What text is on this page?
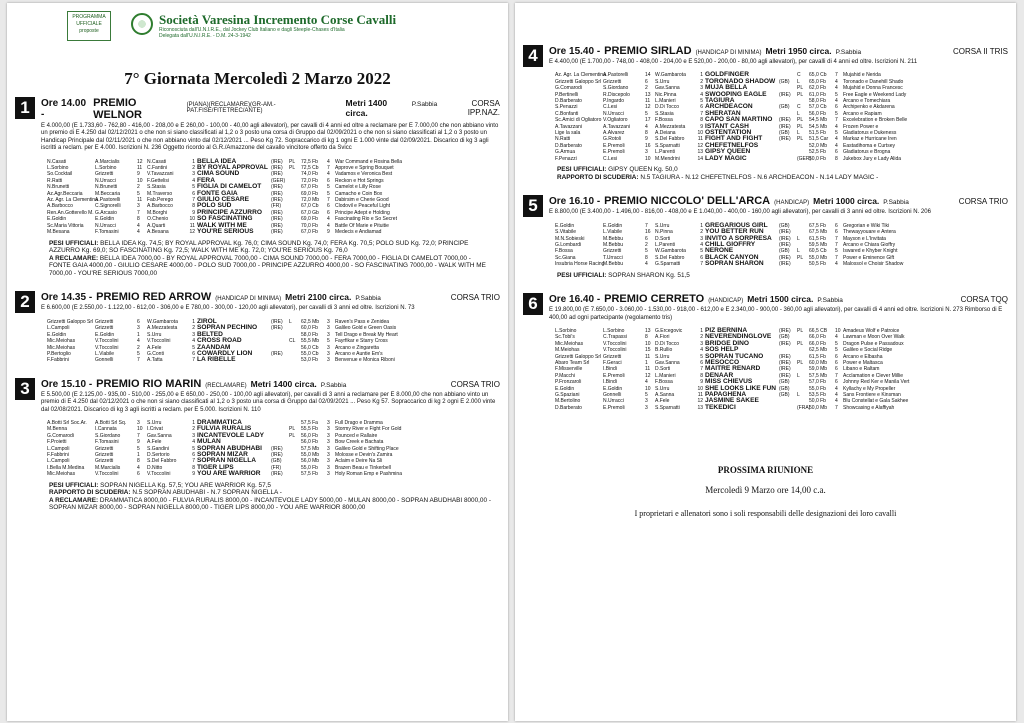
PROGRAMMA UFFICIALE proposte
Società Varesina Incremento Corse Cavalli
Riconosciuta dall'U.N.I.R.E., dal Jockey Club Italiano e dagli Steeple-Chases d'Italia
Delegata dall'U.N.I.R.E. - D.M. 24-3-1942
7° Giornata Mercoledì 2 Marzo 2022
1	Ore 14.00 -
PREMIO WELNOR
(PIANA)(RECLAMARE)(GR-AM.-PAT.FISE/FITETREC/ANTE)
Metri 1400 circa.
P.Sabbia	CORSA IPP.NAZ.
E 4.000,00 (E 1.733,60 - 762,80 - 416,00 - 208,00 e E 260,00 - 100,00 - 40,00 agli allevatori), per cavalli di 4 anni ed oltre a reclamare per E 7.000,00 che non abbiano vinto un premio di E 4.250 dal 02/12/2021 o che non si siano classificati al 1,2 o 3 posto una corsa di Gruppo dal 02/09/2021 o che non si siano classificati al 1,2 o 3 posto un Handicap Principale dal 02/11/2021 o che non abbiano vinto dal 02/12/2021 ... Peso Kg 72. Sopraccarico di kg 1 ogni E 1.000 vinte dal 02/09/2021. Discarico di kg 3 agli iscritti a reclam. per E 4.000. Iscrizioni N. 236 Oggetto ricordo al G.R./Amazzone del cavallo vincitore offerto da Svicc
N.Casati	A.Marcialis	12	N.Casati	1	BELLA IDEA	(IRE)	PL	72,5 Fb	4	War Command e Rosina Bella
L.Sorbino	L.Sorbino	11	C.Fantini	2	BY ROYAL APPROVAL	(IRE)	PL	72,5 Cb	7	Approve e Spring Bouquet
So.Cocktail	Grizzetti	9	V.Tavazzani	3	CIMA SOUND	(IRE)		74,0 Fb	4	Vadamos e Veronica Best
R.Ratti	N.Urracci	10	F.Gettelisi	4	FERA	(GER)		72,0 Fb	6	Reckon e Hot Springs
N.Brunetti	N.Brunetti	2	S.Stasia	5	FIGLIA DI CAMELOT	(IRE)		67,0 Fb	5	Camelot e Lilly Rose
Az.Agr.Beccaria	M.Beccaria	5	M.Traverso	6	FONTE GAIA	(IRE)		69,0 Fb	5	Camacho e Coin Box
Az. Agr. La Clementina	A.Pastorelli	11	Fab.Perego	7	GIULIO CESARE	(IRE)		72,0 Mb	7	Dabirsim e Cherie Good
A.Barbocco	C.Signorelli	3	A.Barbocco	8	POLO SUD	(FR)		67,0 Cb	6	Clodovil e Peaceful Light
Ren.An.Gotterello M.	G.Arcasio	7	M.Borghi	9	PRINCIPE AZZURRO	(IRE)		67,0 Gb	6	Principe Adept e Holding
E.Goldin	E.Goldin	8	O.Chenio	10	SO FASCINATING	(IRE)		69,0 Fb	4	Fascinating Rio e So Secret
Sc.Maria Vittoria	N.Urracci	4	A.Quarti	11	WALK WITH ME	(IRE)		70,0 Fb	4	Battle Of Marie e Pituitie
M.Besana	F.Tomasini	4	A.Besana	12	YOU'RE SERIOUS	(IRE)		67,0 Fb	9	Medecis e Andiamad
PESI UFFICIALI: BELLA IDEA Kg. 74,5; BY ROYAL APPROVAL Kg. 76,0; CIMA SOUND Kg. 74,0; FERA Kg. 70,5; POLO SUD Kg. 72,0; PRINCIPE AZZURRO Kg. 69,0; SO FASCINATING Kg. 72,5; WALK WITH ME Kg. 72,0; YOU'RE SERIOUS Kg. 76,0
A RECLAMARE: BELLA IDEA 7000,00 - BY ROYAL APPROVAL 7000,00 - CIMA SOUND 7000,00 - FERA 7000,00 - FIGLIA DI CAMELOT 7000,00 - FONTE GAIA 4000,00 - GIULIO CESARE 4000,00 - POLO SUD 7000,00 - PRINCIPE AZZURRO 4000,00 - SO FASCINATING 7000,00 - WALK WITH ME 7000,00 - YOU'RE SERIOUS 7000,00
2	Ore 14.35 - PREMIO RED ARROW (HANDICAP DI MINIMA) Metri 2100 circa. P.Sabbia	CORSA TRIO
E 6.600,00 (E 2.550,00 - 1.122,00 - 612,00 - 306,00 e E 780,00 - 300,00 - 120,00 agli allevatori), per cavalli di 3 anni ed oltre. Iscrizioni N. 73
Grizzetti Galoppo Srl	Grizzetti	6	W.Gambarota	1	ZIROL	(IRE)	L	62,5 Mb	3	Raven's Pass e Zenidea
L.Campoli	Grizzetti	3	A.Mezzatesta	2	SOPRAN PECHINO	(IRE)		60,0 Fb	3	Galileo Gold e Green Oasis
E.Goldin	E.Goldin	1	S.Urru	3	BELTED			58,0 Fb	3	Tell Drago e Break My Heart
Mic.Meiohas	V.Toccolini	4	V.Toccolini	4	CROSS ROAD		CL	55,5 Mb	5	Fayrfikar e Starry Cross
Mic.Meiohas	V.Toccolini	2	A.Fele	5	ZAANDAM			56,0 Cb	3	Arcano e Zingaretta
P.Bertoglio	L.Viabile	5	G.Conti	6	COWARDLY LION	(IRE)		55,0 Cb	3	Arcano e Auntie Em's
F.Fabbrini	Gonnelli	7	A.Tatta	7	LA RIBELLE			53,0 Fb	3	Benvenue e Monica Riboni
3	Ore 15.10 - PREMIO RIO MARIN (RECLAMARE) Metri 1400 circa. P.Sabbia	CORSA TRIO
E 5.500,00 (E 2.125,00 - 935,00 - 510,00 - 255,00 e E 650,00 - 250,00 - 100,00 agli allevatori), per cavalli di 3 anni a reclamare per E 8.000,00 che non abbiano vinto un premio di E 4.250 dal 02/12/2021 o che non si siano classificati al 1,2 o 3 posto una corsa di Gruppo dal 02/09/2021 ... Peso Kg 57. Sopraccarico di kg 2 ogni E 2.000 vinte dal 02/08/2021. Discarico di kg 3 agli iscritti a reclam. per E 5.000. Iscrizioni N. 110
A.Botti Srl Soc.Ar.	A.Botti Srl Sq.	3	S.Urru	1	DRAMMATICA			57,5 Fa	3	Full Drago e Dramma
M.Benna	I.Cannata	10	I.Crivat	2	FULVIA RURALIS		PL	55,5 Fb	3	Stormy River e Fight For Gold
G.Comarodi	S.Giordano	7	Gav.Sanna	3	INCANTEVOLE LADY		PL	56,0 Fb	3	Pounced e Rallaire
F.Proietti	F.Tomasini	9	A.Fele	4	MULAN			56,0 Fb	3	Bow Creek e Bachata
L.Campoli	Grizzetti	5	S.Gandini	5	SOPRAN ABUDHABI	(IRE)		57,5 Mb	3	Galileo Gold e Shifting Place
F.Fabbrini	Grizzetti	1	D.Sertorio	6	SOPRAN MIZAR	(IRE)		55,0 Mb	3	Molosse e Devin's Zamira
L.Campoli	Grizzetti	8	S.Del Fabbro	7	SOPRAN NIGELLA	(GB)		56,0 Mb	3	Aclaim e Deire Na Sli
I.Bella M.Medina	M.Marcialis	4	D.Nitto	8	TIGER LIPS	(FR)		55,0 Fb	3	Brazen Beau e Tinkerbell
Mic.Meiohas	V.Toccolini	6	V.Toccolini	9	YOU ARE WARRIOR	(IRE)		57,5 Fb	3	Holy Roman Emp e Pashmina
PESI UFFICIALI: SOPRAN NIGELLA Kg. 57,5; YOU ARE WARRIOR Kg. 57,5
RAPPORTO DI SCUDERIA: N.5 SOPRAN ABUDHABI - N.7 SOPRAN NIGELLA -
A RECLAMARE: DRAMMATICA 8000,00 - FULVIA RURALIS 8000,00 - INCANTEVOLE LADY 5000,00 - MULAN 8000,00 - SOPRAN ABUDHABI 8000,00 - SOPRAN MIZAR 8000,00 - SOPRAN NIGELLA 8000,00 - TIGER LIPS 8000,00 - YOU ARE WARRIOR 8000,00
4	Ore 15.40 - PREMIO SIRLAD (HANDICAP DI MINIMA) Metri 1950 circa. P.Sabbia	CORSA II TRIS
E 4.400,00 (E 1.700,00 - 748,00 - 408,00 - 204,00 e E 520,00 - 200,00 - 80,00 agli allevatori), per cavalli di 4 anni ed oltre. Iscrizioni N. 211
Az. Agr. La Clementina	A.Pastorelli	14	W.Gambarota	1	GOLDFINGER		C	65,0 Cb	7	Mujahid e Nerida
Grizzetti Galoppo Srl	Grizzetti	6	S.Urru	2	TORONADO SHADOW	(GB)	L	65,0 Fb	4	Toronado e Danehill Shado
G.Comarodi	S.Giordano	2	Gav.Sanna	3	MUJA BELLA		PL	62,0 Fb	4	Mujahid e Donna Francesc
P.Bertinelli	R.Discepolo	13	Nic.Pinna	4	SWOOPING EAGLE	(IRE)	PL	61,0 Fb	5	Free Eagle e Weekend Lady
D.Barberato	P.Ingardo	11	L.Manieri	5	TAGIURA			58,0 Fb	4	Arcano e Tomechiara
S.Penazzi	C.Lesi	12	D.Di Tocco	6	ARCHDEACON	(GB)	C	57,0 Cb	6	Archipenko e Akdarena
C.Bonfanti	N.Urracci	5	S.Stasia	7	SHERATAN		L	56,0 Fb	5	Arcano e Rapiam
Sc.Amici di Ogliatoro	V.Ogliatoro	17	F.Bossa	8	CAPO SAN MARTINO	(IRE)	PL	54,5 Mb	7	Excelebration e Broken Belle
A.Tavazzani	A.Tavazzani	4	A.Mezzatesta	9	ISTANT CASH	(IRE)	PL	54,5 Mb	4	Frozen Power e
Lige la sala	A.Alvarez	8	A.Deiana	10	OSTENTATION	(GB)	L	51,5 Fb	5	Gladiatorus e Dukeness
N.Ratti	G.Rotoli	9	S.Del Fabbro	11	FIGHT AND FIGHT	(IRE)	PL	51,5 Car	4	Markaz e Hurricane Iren
D.Barberato	E.Premoli	16	S.Sparnatti	12	CHEFETNELFOS			52,0 Mb	4	Eastadihoma e Curtsey
G.Armua	E.Premoli	3	L.Parenti	13	GIPSY QUEEN			52,5 Fb	6	Gladiatorus e Brogna
F.Penazzi	C.Lesi	10	M.Mendrini	14	LADY MAGIC		(GER)	50,0 Fb	8	Jukebox Jury e Lady Alida
PESI UFFICIALI: GIPSY QUEEN Kg. 50,0
RAPPORTO DI SCUDERIA: N.5 TAGIURA - N.12 CHEFETNELFOS - N.6 ARCHDEACON - N.14 LADY MAGIC -
5	Ore 16.10 - PREMIO NICCOLO' DELL'ARCA (HANDICAP) Metri 1000 circa. P.Sabbia	CORSA TRIO
E 8.800,00 (E 3.400,00 - 1.496,00 - 816,00 - 408,00 e E 1.040,00 - 400,00 - 160,00 agli allevatori), per cavalli di 3 anni ed oltre. Iscrizioni N. 206
E.Goldin	E.Goldin	7	S.Urru	1	GREGARIOUS GIRL	(GB)		67,5 Fb	6	Gregorian e Wiki Tiki
S.Vitabile	L.Viabile	16	N.Pinna	2	YOU BETTER RUN	(IRE)		67,5 Mb	6	Thewayyouare e Antera
M.N.Sobieski	M.Bebbu	6	D.Sorti	3	INVITO A SORPRESA	(IRE)	L	61,5 Fb	7	Mayson e L'Invitata
G.Lombardi	M.Bebbu	2	L.Parenti	4	CHILL GIOFFRY	(IRE)		59,5 Mb	7	Arcano e Chiara Gioffry
F.Bossa	Grizzetti	5	W.Gambarota	5	NERONE	(GB)	L	60,5 Cb	5	Iswared e Khyber Knight
Sc.Giana	T.Urracci	8	S.Del Fabbro	6	BLACK CANYON	(IRE)	PL	55,0 Mb	7	Power e Eminence Gift
Insubria Horse Racing	M.Bebbu	4	G.Sparnatti	7	SOPRAN SHARON	(IRE)		50,5 Fb	4	Malossol e Choisir Shadow
PESI UFFICIALI: SOPRAN SHARON Kg. 51,5
6	Ore 16.40 - PREMIO CERRETO (HANDICAP) Metri 1500 circa. P.Sabbia	CORSA TQQ
E 19.800,00 (E 7.650,00 - 3.060,00 - 1.530,00 - 918,00 - 612,00 e E 2.340,00 - 900,00 - 360,00 agli allevatori), per cavalli di 4 anni ed oltre. Iscrizioni N. 273 Rimborso di E 400,00 ad ogni partecipante (regolamento tris)
L.Sorbino	L.Sorbino	13	G.Ercegovic	1	PIZ BERNINA	(IRE)	PL	66,5 CB	10	Amadeus Wolf e Patroice
Sc.Tobi's	C.Trapassi	8	A.Fiori	2	NEVERENDINGLOVE	(GB)		66,0 Fb	4	Lawman e Moon Over Walk
Mic.Meiohas	V.Toccolini	10	D.Di Tocco	3	BRIDGE DINO	(IRE)	PL	66,0 Fb	5	Dragon Pulse e Passadoux
M.Meiohas	V.Toccolini	15	B.Rullio	4	SOS HELP			62,5 Mb	5	Galileo e Social Ridge
Grizzetti Galoppo Srl	Grizzetti	11	S.Urru	5	SOPRAN TUCANO	(IRE)		61,5 Fb	6	Arcano e Elbasha
Abaro Team Srl	F.Geraci	1	Gav.Sanna	6	MESOCCO	(IRE)	PL	60,0 Mb	6	Power e Maltasca
F.Misserville	I.Bindi	11	D.Sorti	7	MAITRE RENARD	(IRE)		59,0 Mb	6	Libano e Raltam
P.Macchi	E.Premoli	12	L.Manieri	8	DENAAR	(IRE)	L	57,5 Mb	7	Acclamation e Clever Millie
P.Fronzaroli	I.Bindi	4	F.Bossa	9	MISS CHIEVUS	(GB)		57,0 Fb	6	Johnny Red Ker e Manila Vert
E.Goldin	E.Goldin	10	S.Urru	10	SHE LOOKS LIKE FUN	(GB)		55,0 Fb	4	Kyllachy e My Propeller
G.Spaziani	Gonnelli	5	A.Sanna	11	PAPAGHENA	(GB)	L	53,5 Fb	4	Sans Frontiere e Kinsman
M.Bertolino	N.Urracci	3	A.Fele	12	JASMINE SAKEE			50,0 Fb	4	Blu Constellat e Gala Sakhee
D.Barberato	E.Premoli	3	S.Sparnatti	13	TEKEDICI		(FRA)	50,0 Mb	7	Showcasing e Alaffiyah
PROSSIMA RIUNIONE
Mercoledì 9 Marzo ore 14,00 c.a.
I proprietari e allenatori sono i soli responsabili delle designazioni dei loro cavalli
